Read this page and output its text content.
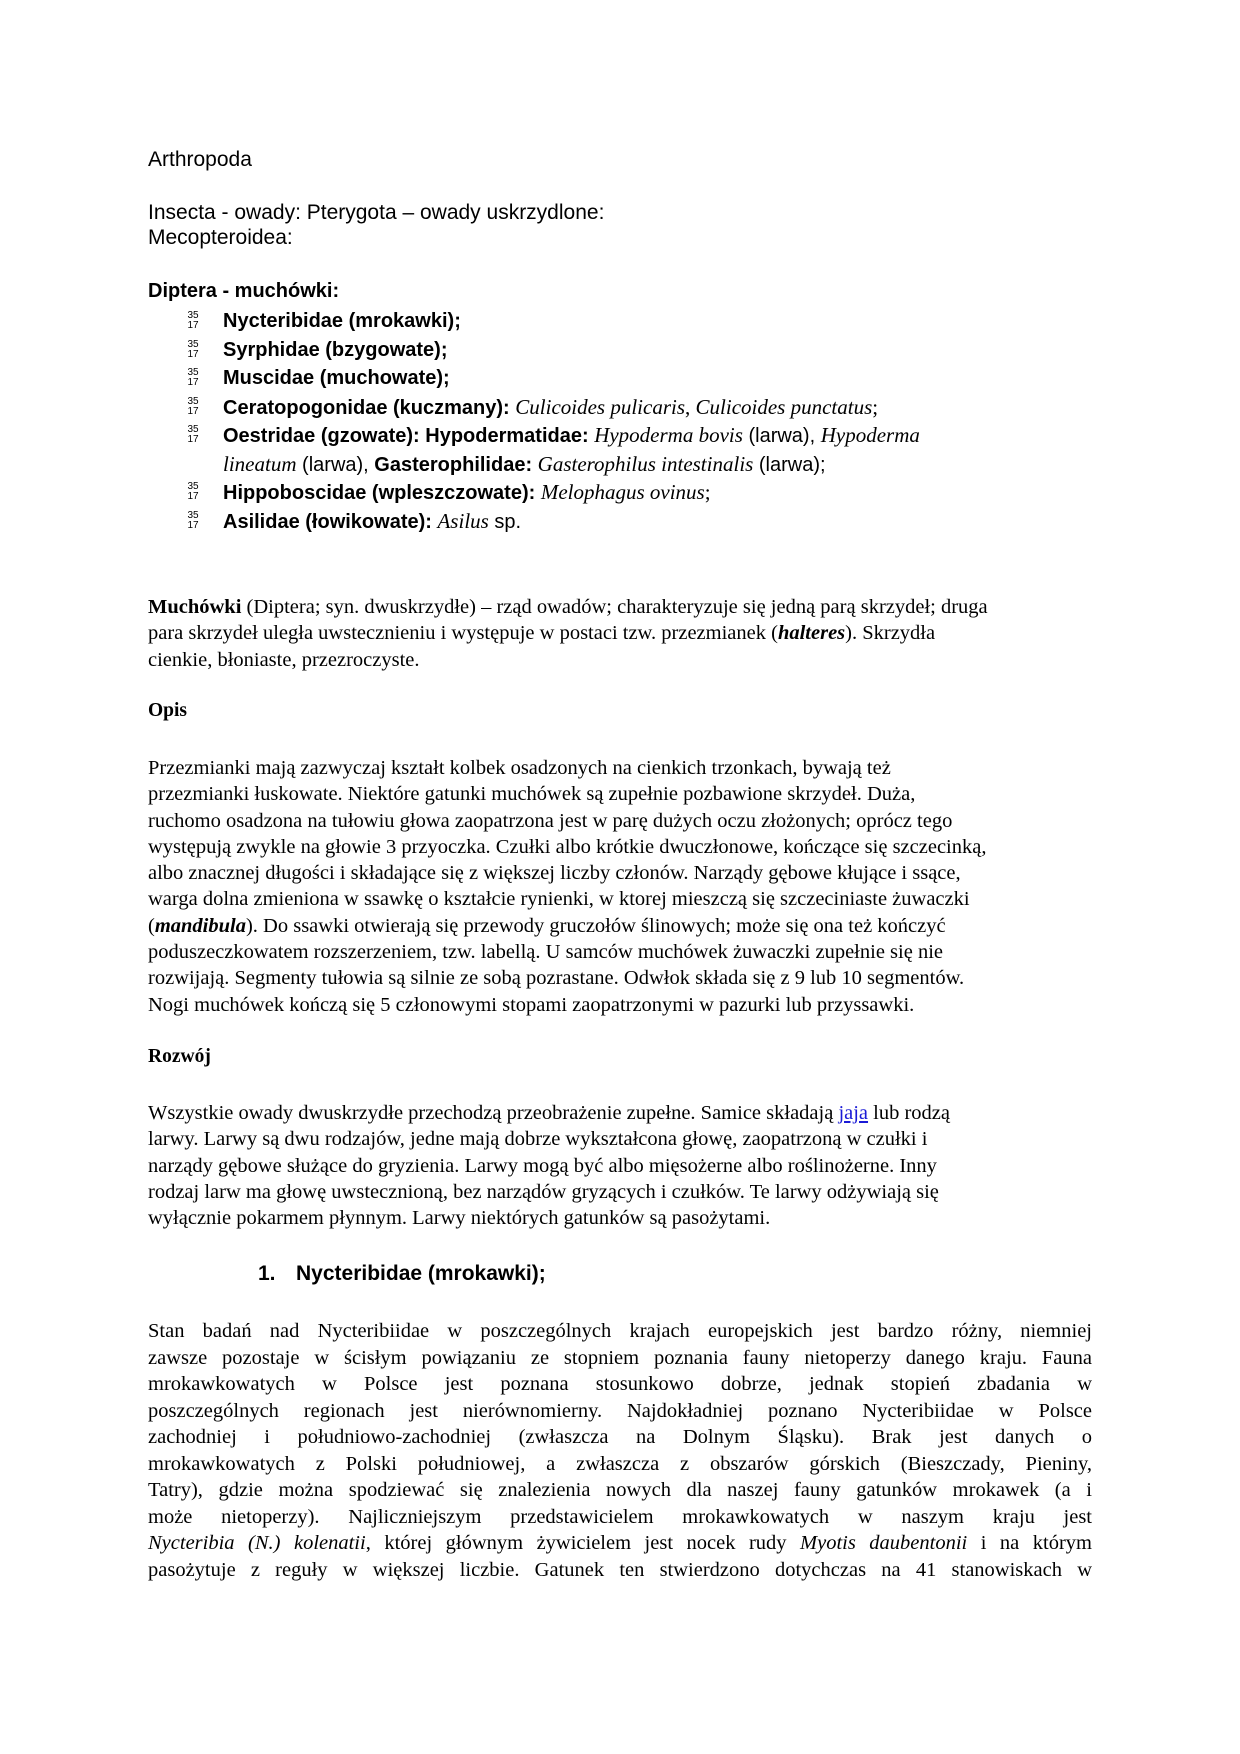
Arthropoda
Insecta - owady: Pterygota – owady uskrzydlone:
Mecopteroidea:
Diptera - muchówki:
35
17 Nycteribidae (mrokawki);
35
17 Syrphidae (bzygowate);
35
17 Muscidae (muchowate);
35
17 Ceratopogonidae (kuczmany): Culicoides pulicaris, Culicoides punctatus;
35
17 Oestridae (gzowate): Hypodermatidae: Hypoderma bovis (larwa), Hypoderma
lineatum (larwa), Gasterophilidae: Gasterophilus intestinalis (larwa);
35
17 Hippoboscidae (wpleszczowate): Melophagus ovinus;
35
17 Asilidae (łowikowate): Asilus sp.
Muchówki (Diptera; syn. dwuskrzydłe) – rząd owadów; charakteryzuje się jedną parą skrzydeł; druga
para skrzydeł uległa uwstecznieniu i występuje w postaci tzw. przezmianek (halteres). Skrzydła
cienkie, błoniaste, przezroczyste.
Opis
Przezmianki mają zazwyczaj kształt kolbek osadzonych na cienkich trzonkach, bywają też
przezmianki łuskowate. Niektóre gatunki muchówek są zupełnie pozbawione skrzydeł. Duża,
ruchomo osadzona na tułowiu głowa zaopatrzona jest w parę dużych oczu złożonych; oprócz tego
występują zwykle na głowie 3 przyoczka. Czułki albo krótkie dwuczłonowe, kończące się szczecinką,
albo znacznej długości i składające się z większej liczby członów. Narządy gębowe kłujące i ssące,
warga dolna zmieniona w ssawkę o kształcie rynienki, w ktorej mieszczą się szczeciniaste żuwaczki
(mandibula). Do ssawki otwierają się przewody gruczołów ślinowych; może się ona też kończyć
poduszeczkowatem rozszerzeniem, tzw. labellą. U samców muchówek żuwaczki zupełnie się nie
rozwijają. Segmenty tułowia są silnie ze sobą pozrastane. Odwłok składa się z 9 lub 10 segmentów.
Nogi muchówek kończą się 5 członowymi stopami zaopatrzonymi w pazurki lub przyssawki.
Rozwój
Wszystkie owady dwuskrzydłe przechodzą przeobrażenie zupełne. Samice składają jaja lub rodzą
larwy. Larwy są dwu rodzajów, jedne mają dobrze wykształcona głowę, zaopatrzoną w czułki i
narządy gębowe służące do gryzienia. Larwy mogą być albo mięsożerne albo roślinożerne. Inny
rodzaj larw ma głowę uwstecznioną, bez narządów gryzących i czułków. Te larwy odżywiają się
wyłącznie pokarmem płynnym. Larwy niektórych gatunków są pasożytami.
1. Nycteribidae (mrokawki);
Stan badań nad Nycteribiidae w poszczególnych krajach europejskich jest bardzo różny, niemniej
zawsze pozostaje w ścisłym powiązaniu ze stopniem poznania fauny nietoperzy danego kraju. Fauna
mrokawkowatych w Polsce jest poznana stosunkowo dobrze, jednak stopień zbadania w
poszczególnych regionach jest nierównomierny. Najdokładniej poznano Nycteribiidae w Polsce
zachodniej i południowo-zachodniej (zwłaszcza na Dolnym Śląsku). Brak jest danych o
mrokawkowatych z Polski południowej, a zwłaszcza z obszarów górskich (Bieszczady, Pieniny,
Tatry), gdzie można spodziewać się znalezienia nowych dla naszej fauny gatunków mrokawek (a i
może nietoperzy). Najliczniejszym przedstawicielem mrokawkowatych w naszym kraju jest
Nycteribia (N.) kolenatii, której głównym żywicielem jest nocek rudy Myotis daubentonii i na którym
pasożytuje z reguły w większej liczbie. Gatunek ten stwierdzono dotychczas na 41 stanowiskach w
